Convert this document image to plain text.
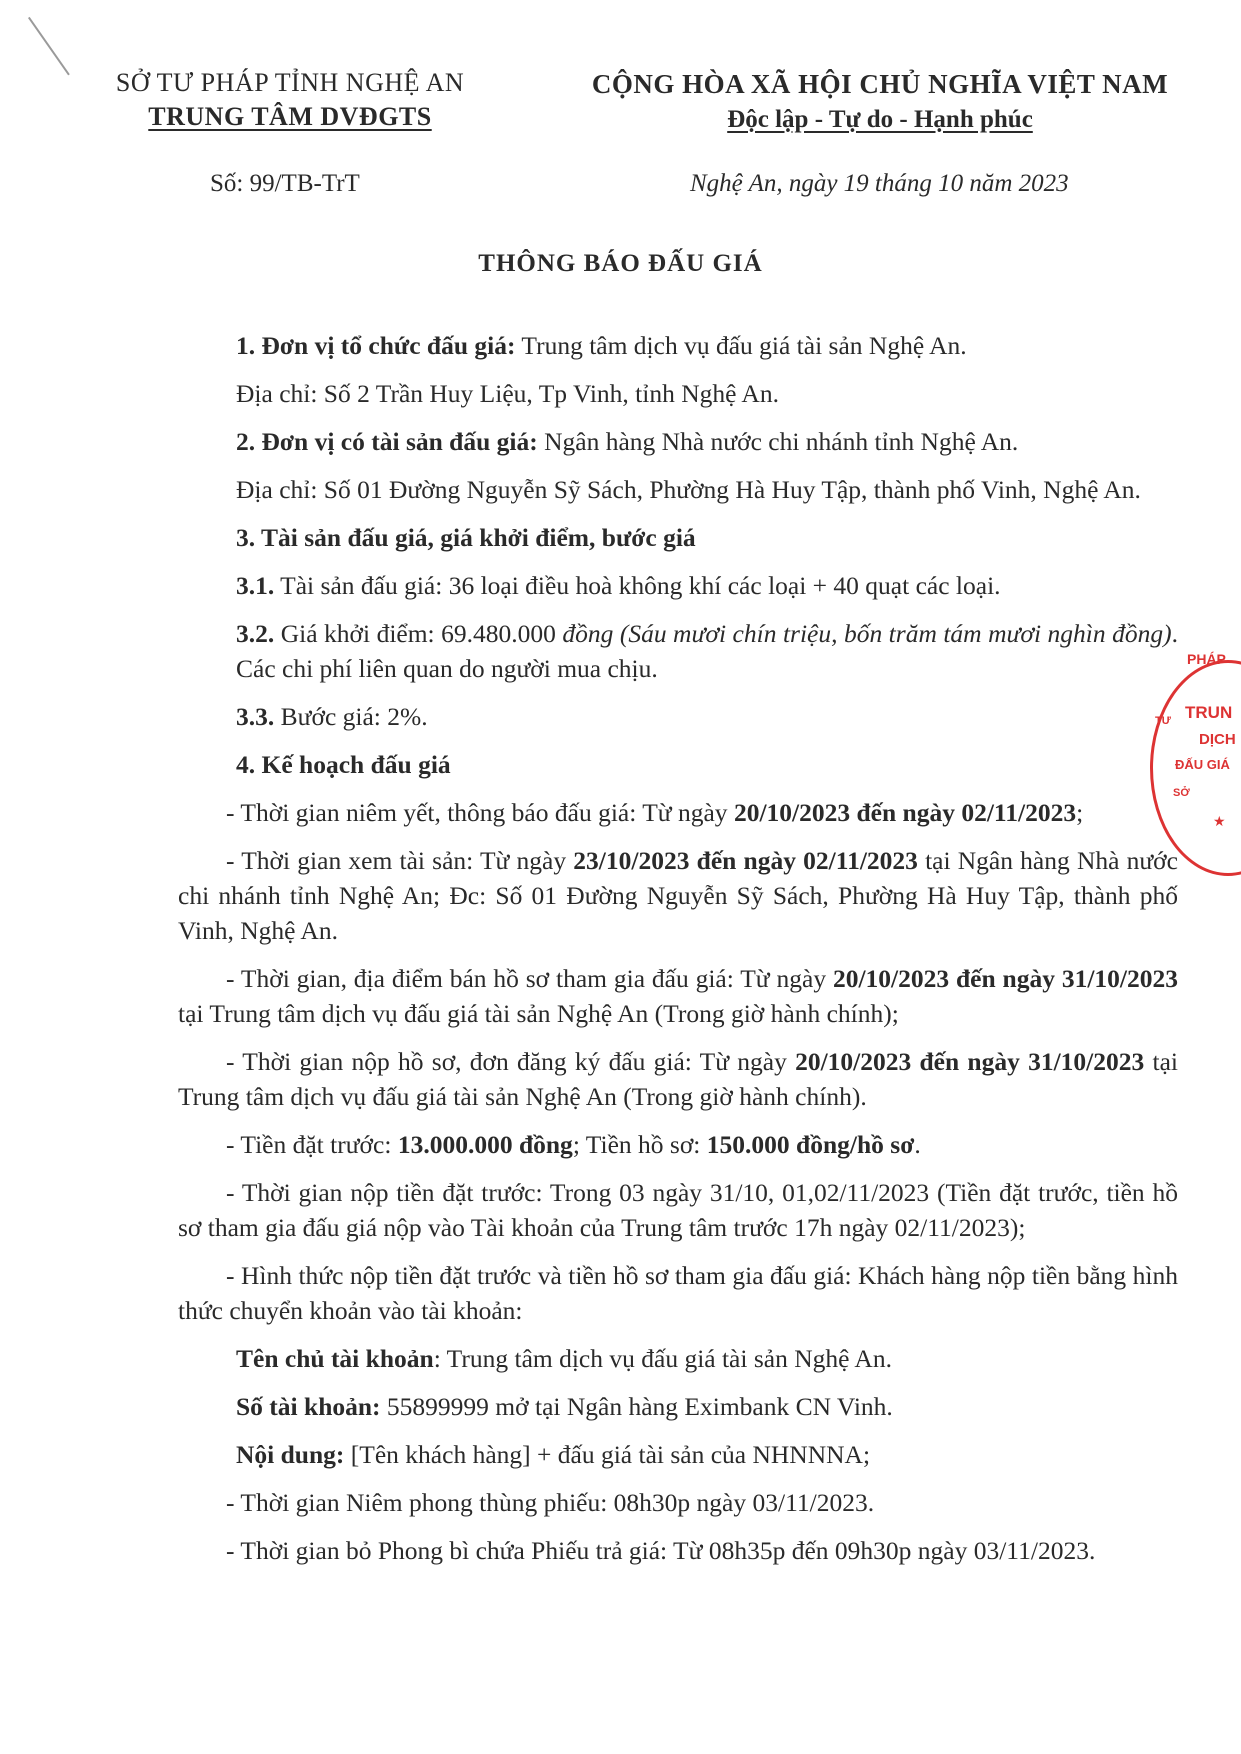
SỞ TƯ PHÁP TỈNH NGHỆ AN
TRUNG TÂM DVĐGTS
CỘNG HÒA XÃ HỘI CHỦ NGHĨA VIỆT NAM
Độc lập - Tự do - Hạnh phúc
Số: 99/TB-TrT	Nghệ An, ngày 19 tháng 10 năm 2023
THÔNG BÁO ĐẤU GIÁ

1. Đơn vị tổ chức đấu giá: Trung tâm dịch vụ đấu giá tài sản Nghệ An.

Địa chỉ: Số 2 Trần Huy Liệu, Tp Vinh, tỉnh Nghệ An.

2. Đơn vị có tài sản đấu giá: Ngân hàng Nhà nước chi nhánh tỉnh Nghệ An.

Địa chỉ: Số 01 Đường Nguyễn Sỹ Sách, Phường Hà Huy Tập, thành phố Vinh, Nghệ An.

3. Tài sản đấu giá, giá khởi điểm, bước giá

3.1. Tài sản đấu giá: 36 loại điều hoà không khí các loại + 40 quạt các loại.

3.2. Giá khởi điểm: 69.480.000 đồng (Sáu mươi chín triệu, bốn trăm tám mươi nghìn đồng). Các chi phí liên quan do người mua chịu.

3.3. Bước giá: 2%.

4. Kế hoạch đấu giá

- Thời gian niêm yết, thông báo đấu giá: Từ ngày 20/10/2023 đến ngày 02/11/2023;

- Thời gian xem tài sản: Từ ngày 23/10/2023 đến ngày 02/11/2023 tại Ngân hàng Nhà nước chi nhánh tỉnh Nghệ An; Đc: Số 01 Đường Nguyễn Sỹ Sách, Phường Hà Huy Tập, thành phố Vinh, Nghệ An.

- Thời gian, địa điểm bán hồ sơ tham gia đấu giá: Từ ngày 20/10/2023 đến ngày 31/10/2023 tại Trung tâm dịch vụ đấu giá tài sản Nghệ An (Trong giờ hành chính);

- Thời gian nộp hồ sơ, đơn đăng ký đấu giá: Từ ngày 20/10/2023 đến ngày 31/10/2023 tại Trung tâm dịch vụ đấu giá tài sản Nghệ An (Trong giờ hành chính).

- Tiền đặt trước: 13.000.000 đồng; Tiền hồ sơ: 150.000 đồng/hồ sơ.

- Thời gian nộp tiền đặt trước: Trong 03 ngày 31/10, 01,02/11/2023 (Tiền đặt trước, tiền hồ sơ tham gia đấu giá nộp vào Tài khoản của Trung tâm trước 17h ngày 02/11/2023);

- Hình thức nộp tiền đặt trước và tiền hồ sơ tham gia đấu giá: Khách hàng nộp tiền bằng hình thức chuyển khoản vào tài khoản:

Tên chủ tài khoản: Trung tâm dịch vụ đấu giá tài sản Nghệ An.

Số tài khoản: 55899999 mở tại Ngân hàng Eximbank CN Vinh.

Nội dung: [Tên khách hàng] + đấu giá tài sản của NHNNNA;

- Thời gian Niêm phong thùng phiếu: 08h30p ngày 03/11/2023.

- Thời gian bỏ Phong bì chứa Phiếu trả giá: Từ 08h35p đến 09h30p ngày 03/11/2023.

PHÁP
TƯ TRUN
DỊCH
ĐẤU GIÁ
SỞ
★
